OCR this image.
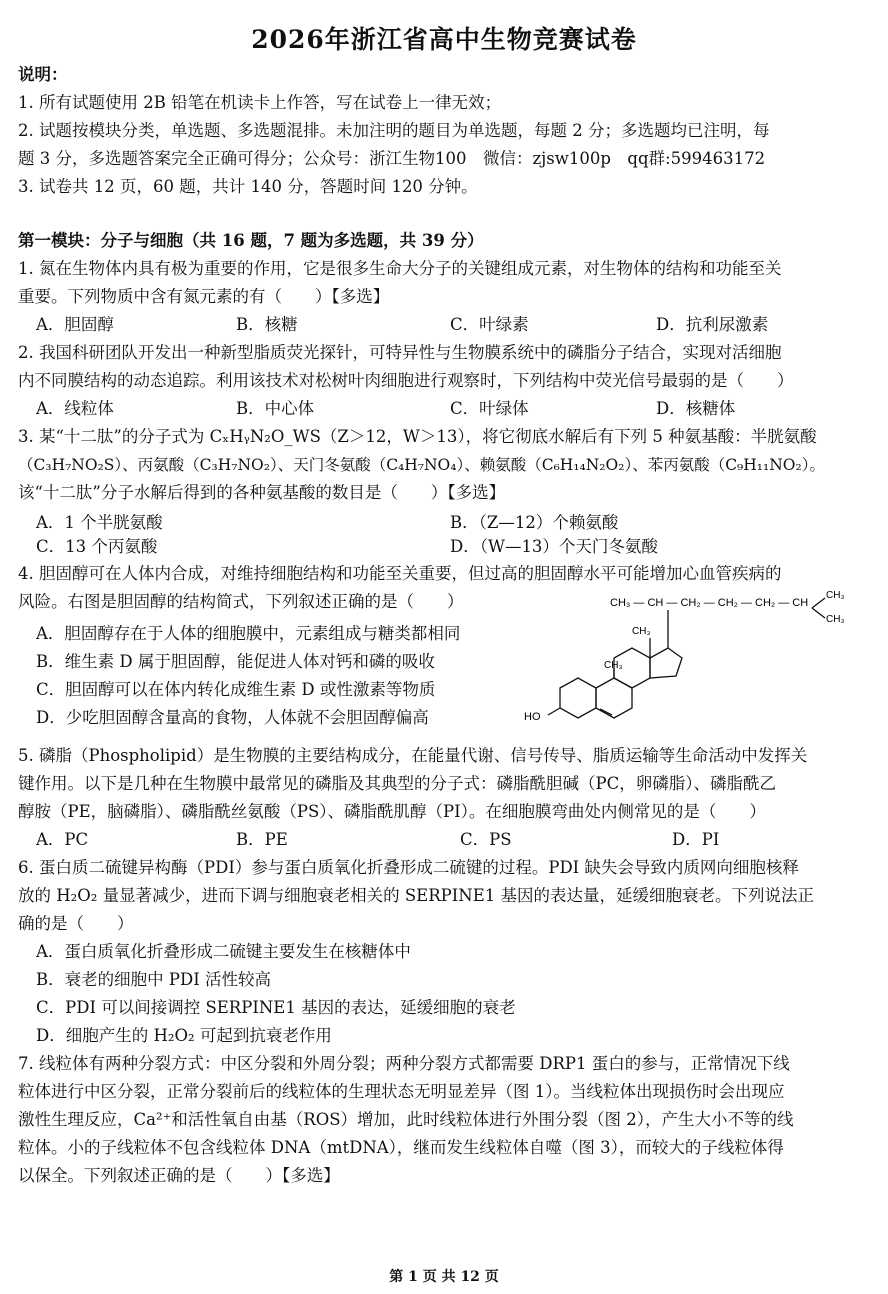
2026年浙江省高中生物竞赛试卷
说明：
1. 所有试题使用 2B 铅笔在机读卡上作答，写在试卷上一律无效；
2. 试题按模块分类，单选题、多选题混排。未加注明的题目为单选题，每题 2 分；多选题均已注明，每
题 3 分，多选题答案完全正确可得分；公众号：浙江生物100　微信：zjsw100p　qq群:599463172
3. 试卷共 12 页，60 题，共计 140 分，答题时间 120 分钟。
第一模块：分子与细胞（共 16 题，7 题为多选题，共 39 分）
1. 氮在生物体内具有极为重要的作用，它是很多生命大分子的关键组成元素，对生物体的结构和功能至关
重要。下列物质中含有氮元素的有（　　）【多选】
A．胆固醇	B．核糖	C．叶绿素	D．抗利尿激素
2. 我国科研团队开发出一种新型脂质荧光探针，可特异性与生物膜系统中的磷脂分子结合，实现对活细胞
内不同膜结构的动态追踪。利用该技术对松树叶肉细胞进行观察时，下列结构中荧光信号最弱的是（　　）
A．线粒体	B．中心体	C．叶绿体	D．核糖体
3. 某“十二肽”的分子式为 CₓHᵧN₂O_WS（Z＞12，W＞13），将它彻底水解后有下列 5 种氨基酸：半胱氨酸
（C₃H₇NO₂S）、丙氨酸（C₃H₇NO₂）、天门冬氨酸（C₄H₇NO₄）、赖氨酸（C₆H₁₄N₂O₂）、苯丙氨酸（C₉H₁₁NO₂）。
该“十二肽”分子水解后得到的各种氨基酸的数目是（　　）【多选】
A．1 个半胱氨酸	B．（Z—12）个赖氨酸
C．13 个丙氨酸	D．（W—13）个天门冬氨酸
4. 胆固醇可在人体内合成，对维持细胞结构和功能至关重要，但过高的胆固醇水平可能增加心血管疾病的
风险。右图是胆固醇的结构简式，下列叙述正确的是（　　）
A．胆固醇存在于人体的细胞膜中，元素组成与糖类都相同
B．维生素 D 属于胆固醇，能促进人体对钙和磷的吸收
C．胆固醇可以在体内转化成维生素 D 或性激素等物质
D．少吃胆固醇含量高的食物，人体就不会胆固醇偏高
CH₃ — CH — CH₂ — CH₂ — CH₂ — CH
CH₃
CH₃
CH₃
CH₃
HO
5. 磷脂（Phospholipid）是生物膜的主要结构成分，在能量代谢、信号传导、脂质运输等生命活动中发挥关
键作用。以下是几种在生物膜中最常见的磷脂及其典型的分子式：磷脂酰胆碱（PC，卵磷脂）、磷脂酰乙
醇胺（PE，脑磷脂）、磷脂酰丝氨酸（PS）、磷脂酰肌醇（PI）。在细胞膜弯曲处内侧常见的是（　　）
A．PC	B．PE	C．PS	D．PI
6. 蛋白质二硫键异构酶（PDI）参与蛋白质氧化折叠形成二硫键的过程。PDI 缺失会导致内质网向细胞核释
放的 H₂O₂ 量显著减少，进而下调与细胞衰老相关的 SERPINE1 基因的表达量，延缓细胞衰老。下列说法正
确的是（　　）
A．蛋白质氧化折叠形成二硫键主要发生在核糖体中
B．衰老的细胞中 PDI 活性较高
C．PDI 可以间接调控 SERPINE1 基因的表达，延缓细胞的衰老
D．细胞产生的 H₂O₂ 可起到抗衰老作用
7. 线粒体有两种分裂方式：中区分裂和外周分裂；两种分裂方式都需要 DRP1 蛋白的参与，正常情况下线
粒体进行中区分裂，正常分裂前后的线粒体的生理状态无明显差异（图 1）。当线粒体出现损伤时会出现应
激性生理反应，Ca²⁺和活性氧自由基（ROS）增加，此时线粒体进行外围分裂（图 2），产生大小不等的线
粒体。小的子线粒体不包含线粒体 DNA（mtDNA），继而发生线粒体自噬（图 3），而较大的子线粒体得
以保全。下列叙述正确的是（　　）【多选】
第 1 页 共 12 页
